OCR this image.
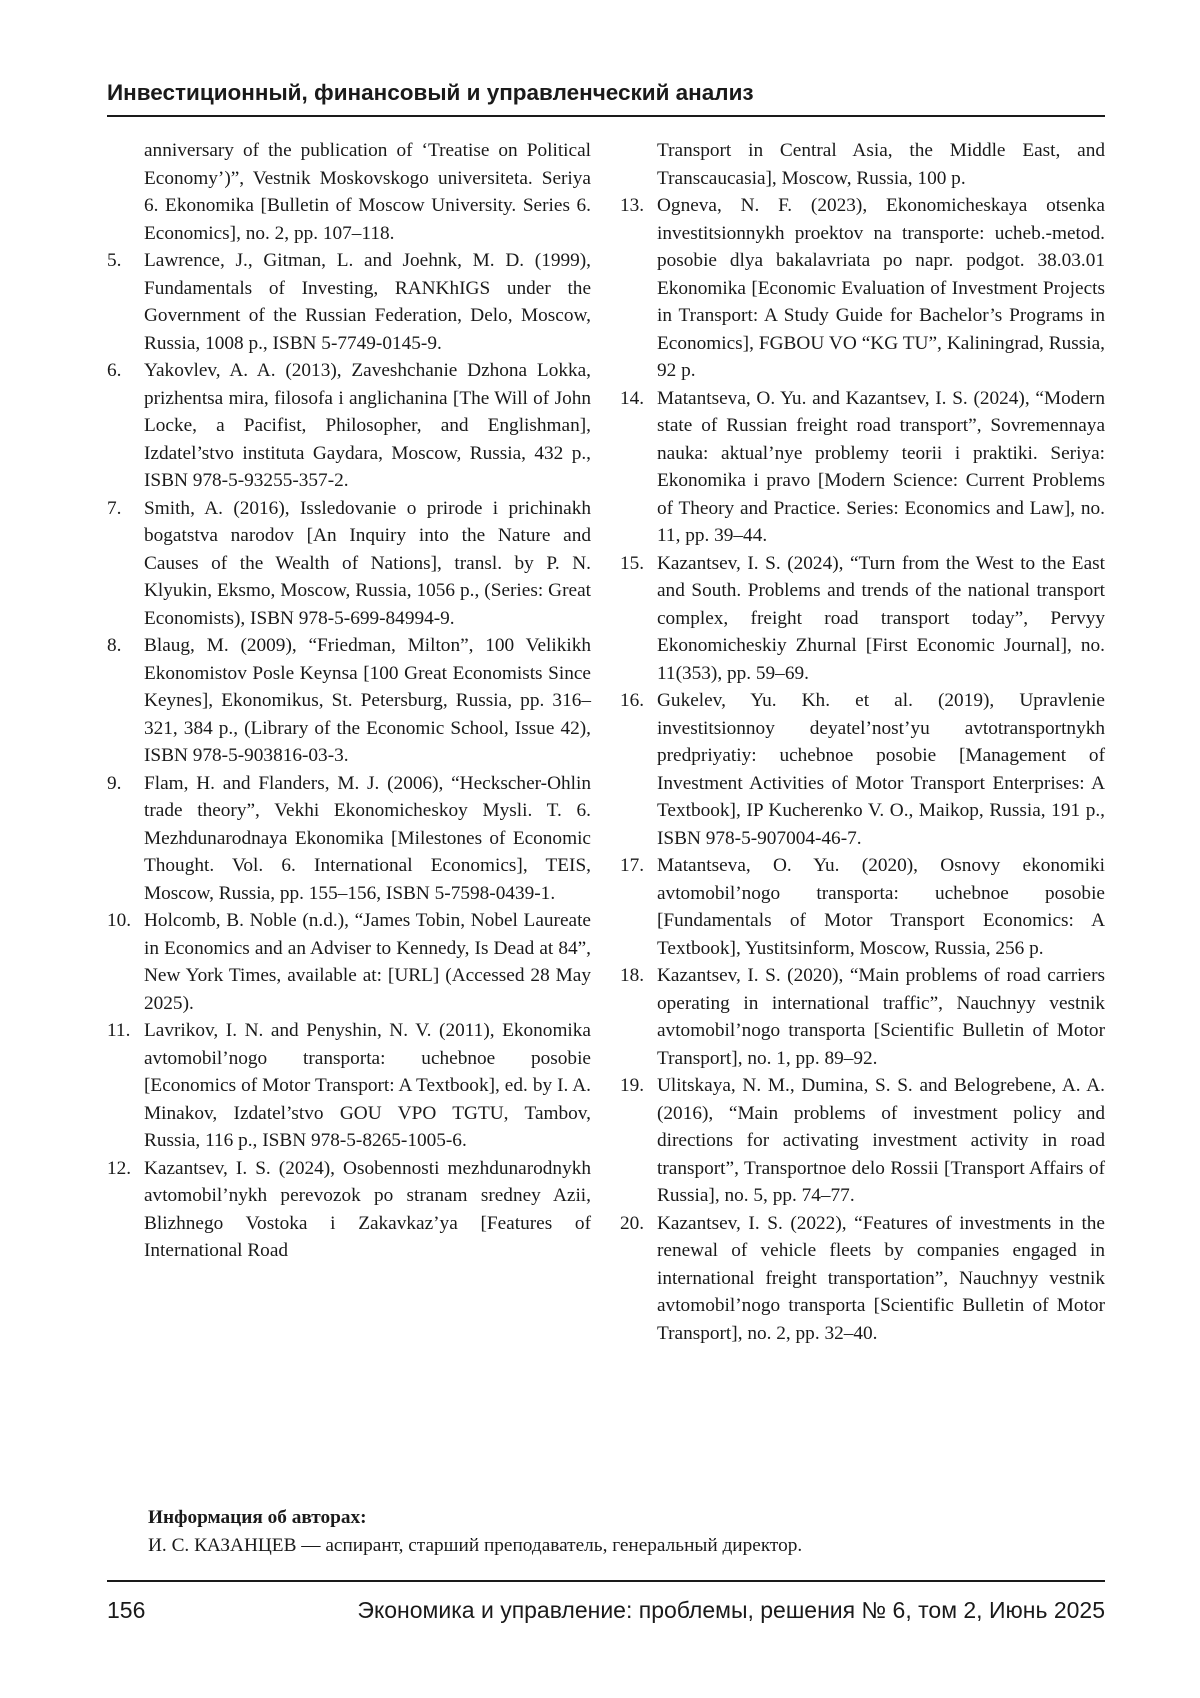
Инвестиционный, финансовый и управленческий анализ
anniversary of the publication of ‘Treatise on Political Economy’)”, Vestnik Moskovskogo universiteta. Seriya 6. Ekonomika [Bulletin of Moscow University. Series 6. Economics], no. 2, pp. 107–118.
5. Lawrence, J., Gitman, L. and Joehnk, M. D. (1999), Fundamentals of Investing, RANKhIGS under the Government of the Russian Federation, Delo, Moscow, Russia, 1008 p., ISBN 5-7749-0145-9.
6. Yakovlev, A. A. (2013), Zaveshchanie Dzhona Lokka, prizhentsa mira, filosofa i anglichanina [The Will of John Locke, a Pacifist, Philosopher, and Englishman], Izdatel’stvo instituta Gaydara, Moscow, Russia, 432 p., ISBN 978-5-93255-357-2.
7. Smith, A. (2016), Issledovanie o prirode i prichinakh bogatstva narodov [An Inquiry into the Nature and Causes of the Wealth of Nations], transl. by P. N. Klyukin, Eksmo, Moscow, Russia, 1056 p., (Series: Great Economists), ISBN 978-5-699-84994-9.
8. Blaug, M. (2009), “Friedman, Milton”, 100 Velikikh Ekonomistov Posle Keynsa [100 Great Economists Since Keynes], Ekonomikus, St. Petersburg, Russia, pp. 316–321, 384 p., (Library of the Economic School, Issue 42), ISBN 978-5-903816-03-3.
9. Flam, H. and Flanders, M. J. (2006), “Heckscher-Ohlin trade theory”, Vekhi Ekonomicheskoy Mysli. T. 6. Mezhdunarodnaya Ekonomika [Milestones of Economic Thought. Vol. 6. International Economics], TEIS, Moscow, Russia, pp. 155–156, ISBN 5-7598-0439-1.
10. Holcomb, B. Noble (n.d.), “James Tobin, Nobel Laureate in Economics and an Adviser to Kennedy, Is Dead at 84”, New York Times, available at: [URL] (Accessed 28 May 2025).
11. Lavrikov, I. N. and Penyshin, N. V. (2011), Ekonomika avtomobil’nogo transporta: uchebnoe posobie [Economics of Motor Transport: A Textbook], ed. by I. A. Minakov, Izdatel’stvo GOU VPO TGTU, Tambov, Russia, 116 p., ISBN 978-5-8265-1005-6.
12. Kazantsev, I. S. (2024), Osobennosti mezhdunarodnykh avtomobil’nykh perevozok po stranam sredney Azii, Blizhnego Vostoka i Zakavkaz’ya [Features of International Road
Transport in Central Asia, the Middle East, and Transcaucasia], Moscow, Russia, 100 p.
13. Ogneva, N. F. (2023), Ekonomicheskaya otsenka investitsionnykh proektov na transporte: ucheb.-metod. posobie dlya bakalavriata po napr. podgot. 38.03.01 Ekonomika [Economic Evaluation of Investment Projects in Transport: A Study Guide for Bachelor’s Programs in Economics], FGBOU VO “KG TU”, Kaliningrad, Russia, 92 p.
14. Matantseva, O. Yu. and Kazantsev, I. S. (2024), “Modern state of Russian freight road transport”, Sovremennaya nauka: aktual’nye problemy teorii i praktiki. Seriya: Ekonomika i pravo [Modern Science: Current Problems of Theory and Practice. Series: Economics and Law], no. 11, pp. 39–44.
15. Kazantsev, I. S. (2024), “Turn from the West to the East and South. Problems and trends of the national transport complex, freight road transport today”, Pervyy Ekonomicheskiy Zhurnal [First Economic Journal], no. 11(353), pp. 59–69.
16. Gukelev, Yu. Kh. et al. (2019), Upravlenie investitsionnoy deyatel’nost’yu avtotransportnykh predpriyatiy: uchebnoe posobie [Management of Investment Activities of Motor Transport Enterprises: A Textbook], IP Kucherenko V. O., Maikop, Russia, 191 p., ISBN 978-5-907004-46-7.
17. Matantseva, O. Yu. (2020), Osnovy ekonomiki avtomobil’nogo transporta: uchebnoe posobie [Fundamentals of Motor Transport Economics: A Textbook], Yustitsinform, Moscow, Russia, 256 p.
18. Kazantsev, I. S. (2020), “Main problems of road carriers operating in international traffic”, Nauchnyy vestnik avtomobil’nogo transporta [Scientific Bulletin of Motor Transport], no. 1, pp. 89–92.
19. Ulitskaya, N. M., Dumina, S. S. and Belogrebene, A. A. (2016), “Main problems of investment policy and directions for activating investment activity in road transport”, Transportnoe delo Rossii [Transport Affairs of Russia], no. 5, pp. 74–77.
20. Kazantsev, I. S. (2022), “Features of investments in the renewal of vehicle fleets by companies engaged in international freight transportation”, Nauchnyy vestnik avtomobil’nogo transporta [Scientific Bulletin of Motor Transport], no. 2, pp. 32–40.
Информация об авторах:
И. С. КАЗАНЦЕВ — аспирант, старший преподаватель, генеральный директор.
156	Экономика и управление: проблемы, решения № 6, том 2, Июнь 2025
